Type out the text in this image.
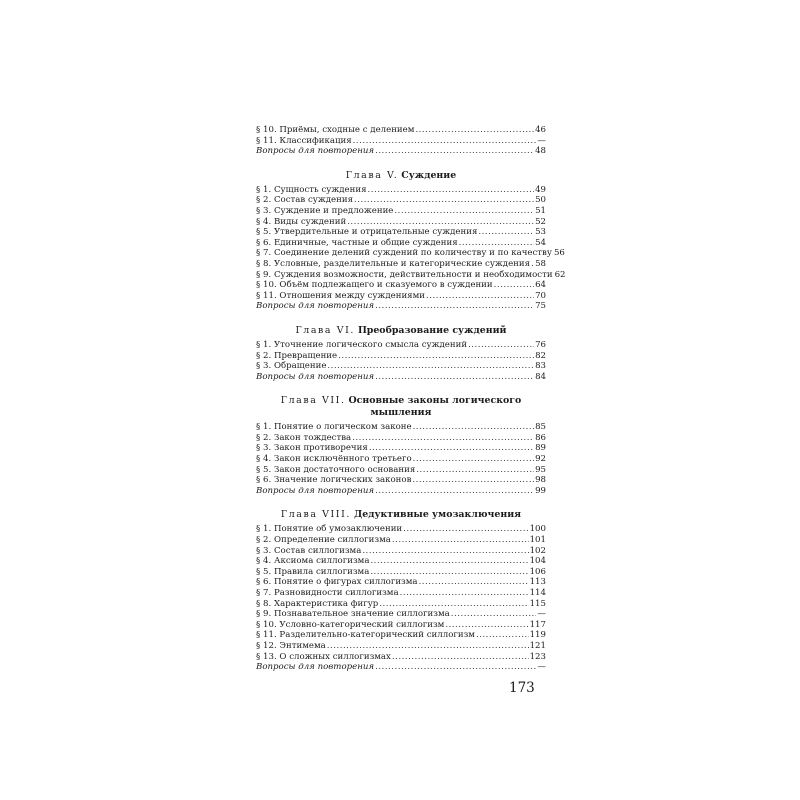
§ 10. Приёмы, сходные с делением .....	46
§ 11. Классификация .....	—
Вопросы для повторения .....	48
Глава V. Суждение
§ 1. Сущность суждения .....	49
§ 2. Состав суждения .....	50
§ 3. Суждение и предложение .....	51
§ 4. Виды суждений .....	52
§ 5. Утвердительные и отрицательные суждения .....	53
§ 6. Единичные, частные и общие суждения .....	54
§ 7. Соединение делений суждений по количеству и по качеству 56
§ 8. Условные, разделительные и категорические суждения ..... 58
§ 9. Суждения возможности, действительности и необходимости 62
§ 10. Объём подлежащего и сказуемого в суждении .....	64
§ 11. Отношения между суждениями .....	70
Вопросы для повторения .....	75
Глава VI. Преобразование суждений
§ 1. Уточнение логического смысла суждений .....	76
§ 2. Превращение .....	82
§ 3. Обращение .....	83
Вопросы для повторения .....	84
Глава VII. Основные законы логического мышления
§ 1. Понятие о логическом законе .....	85
§ 2. Закон тождества .....	86
§ 3. Закон противоречия .....	89
§ 4. Закон исключённого третьего .....	92
§ 5. Закон достаточного основания .....	95
§ 6. Значение логических законов .....	98
Вопросы для повторения .....	99
Глава VIII. Дедуктивные умозаключения
§ 1. Понятие об умозаключении .....	100
§ 2. Определение силлогизма .....	101
§ 3. Состав силлогизма .....	102
§ 4. Аксиома силлогизма .....	104
§ 5. Правила силлогизма .....	106
§ 6. Понятие о фигурах силлогизма .....	113
§ 7. Разновидности силлогизма .....	114
§ 8. Характеристика фигур .....	115
§ 9. Познавательное значение силлогизма .....	—
§ 10. Условно-категорический силлогизм .....	117
§ 11. Разделительно-категорический силлогизм .....	119
§ 12. Энтимема .....	121
§ 13. О сложных силлогизмах .....	123
Вопросы для повторения .....	—
173
